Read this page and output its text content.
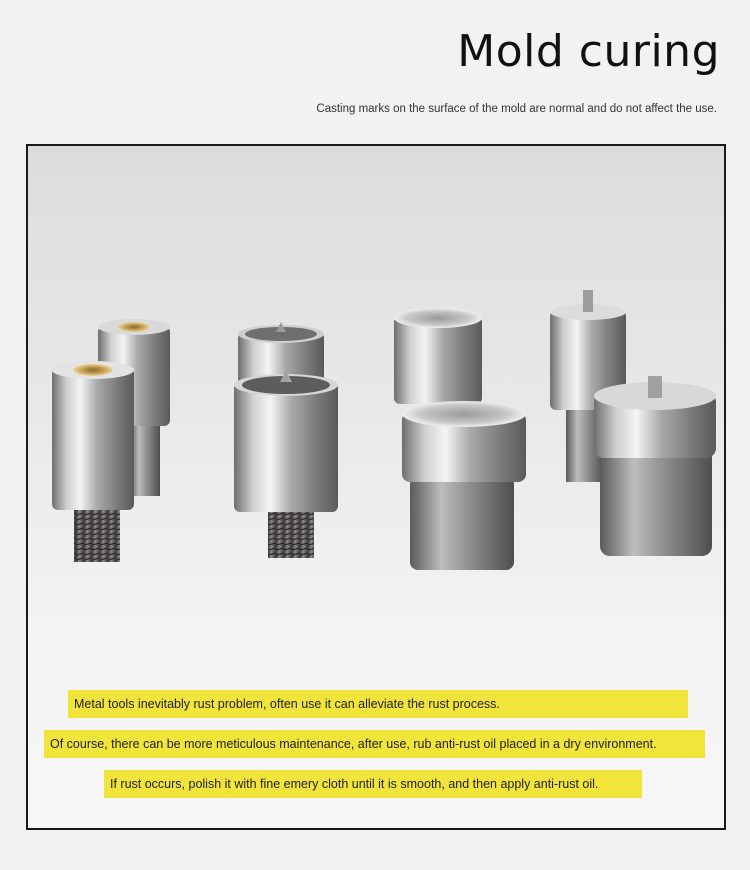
Mold curing
Casting marks on the surface of the mold are normal and do not affect the use.
Metal tools inevitably rust problem, often use it can alleviate the rust process.
Of course, there can be more meticulous maintenance, after use, rub anti-rust oil placed in a dry environment.
If rust occurs, polish it with fine emery cloth until it is smooth, and then apply anti-rust oil.
